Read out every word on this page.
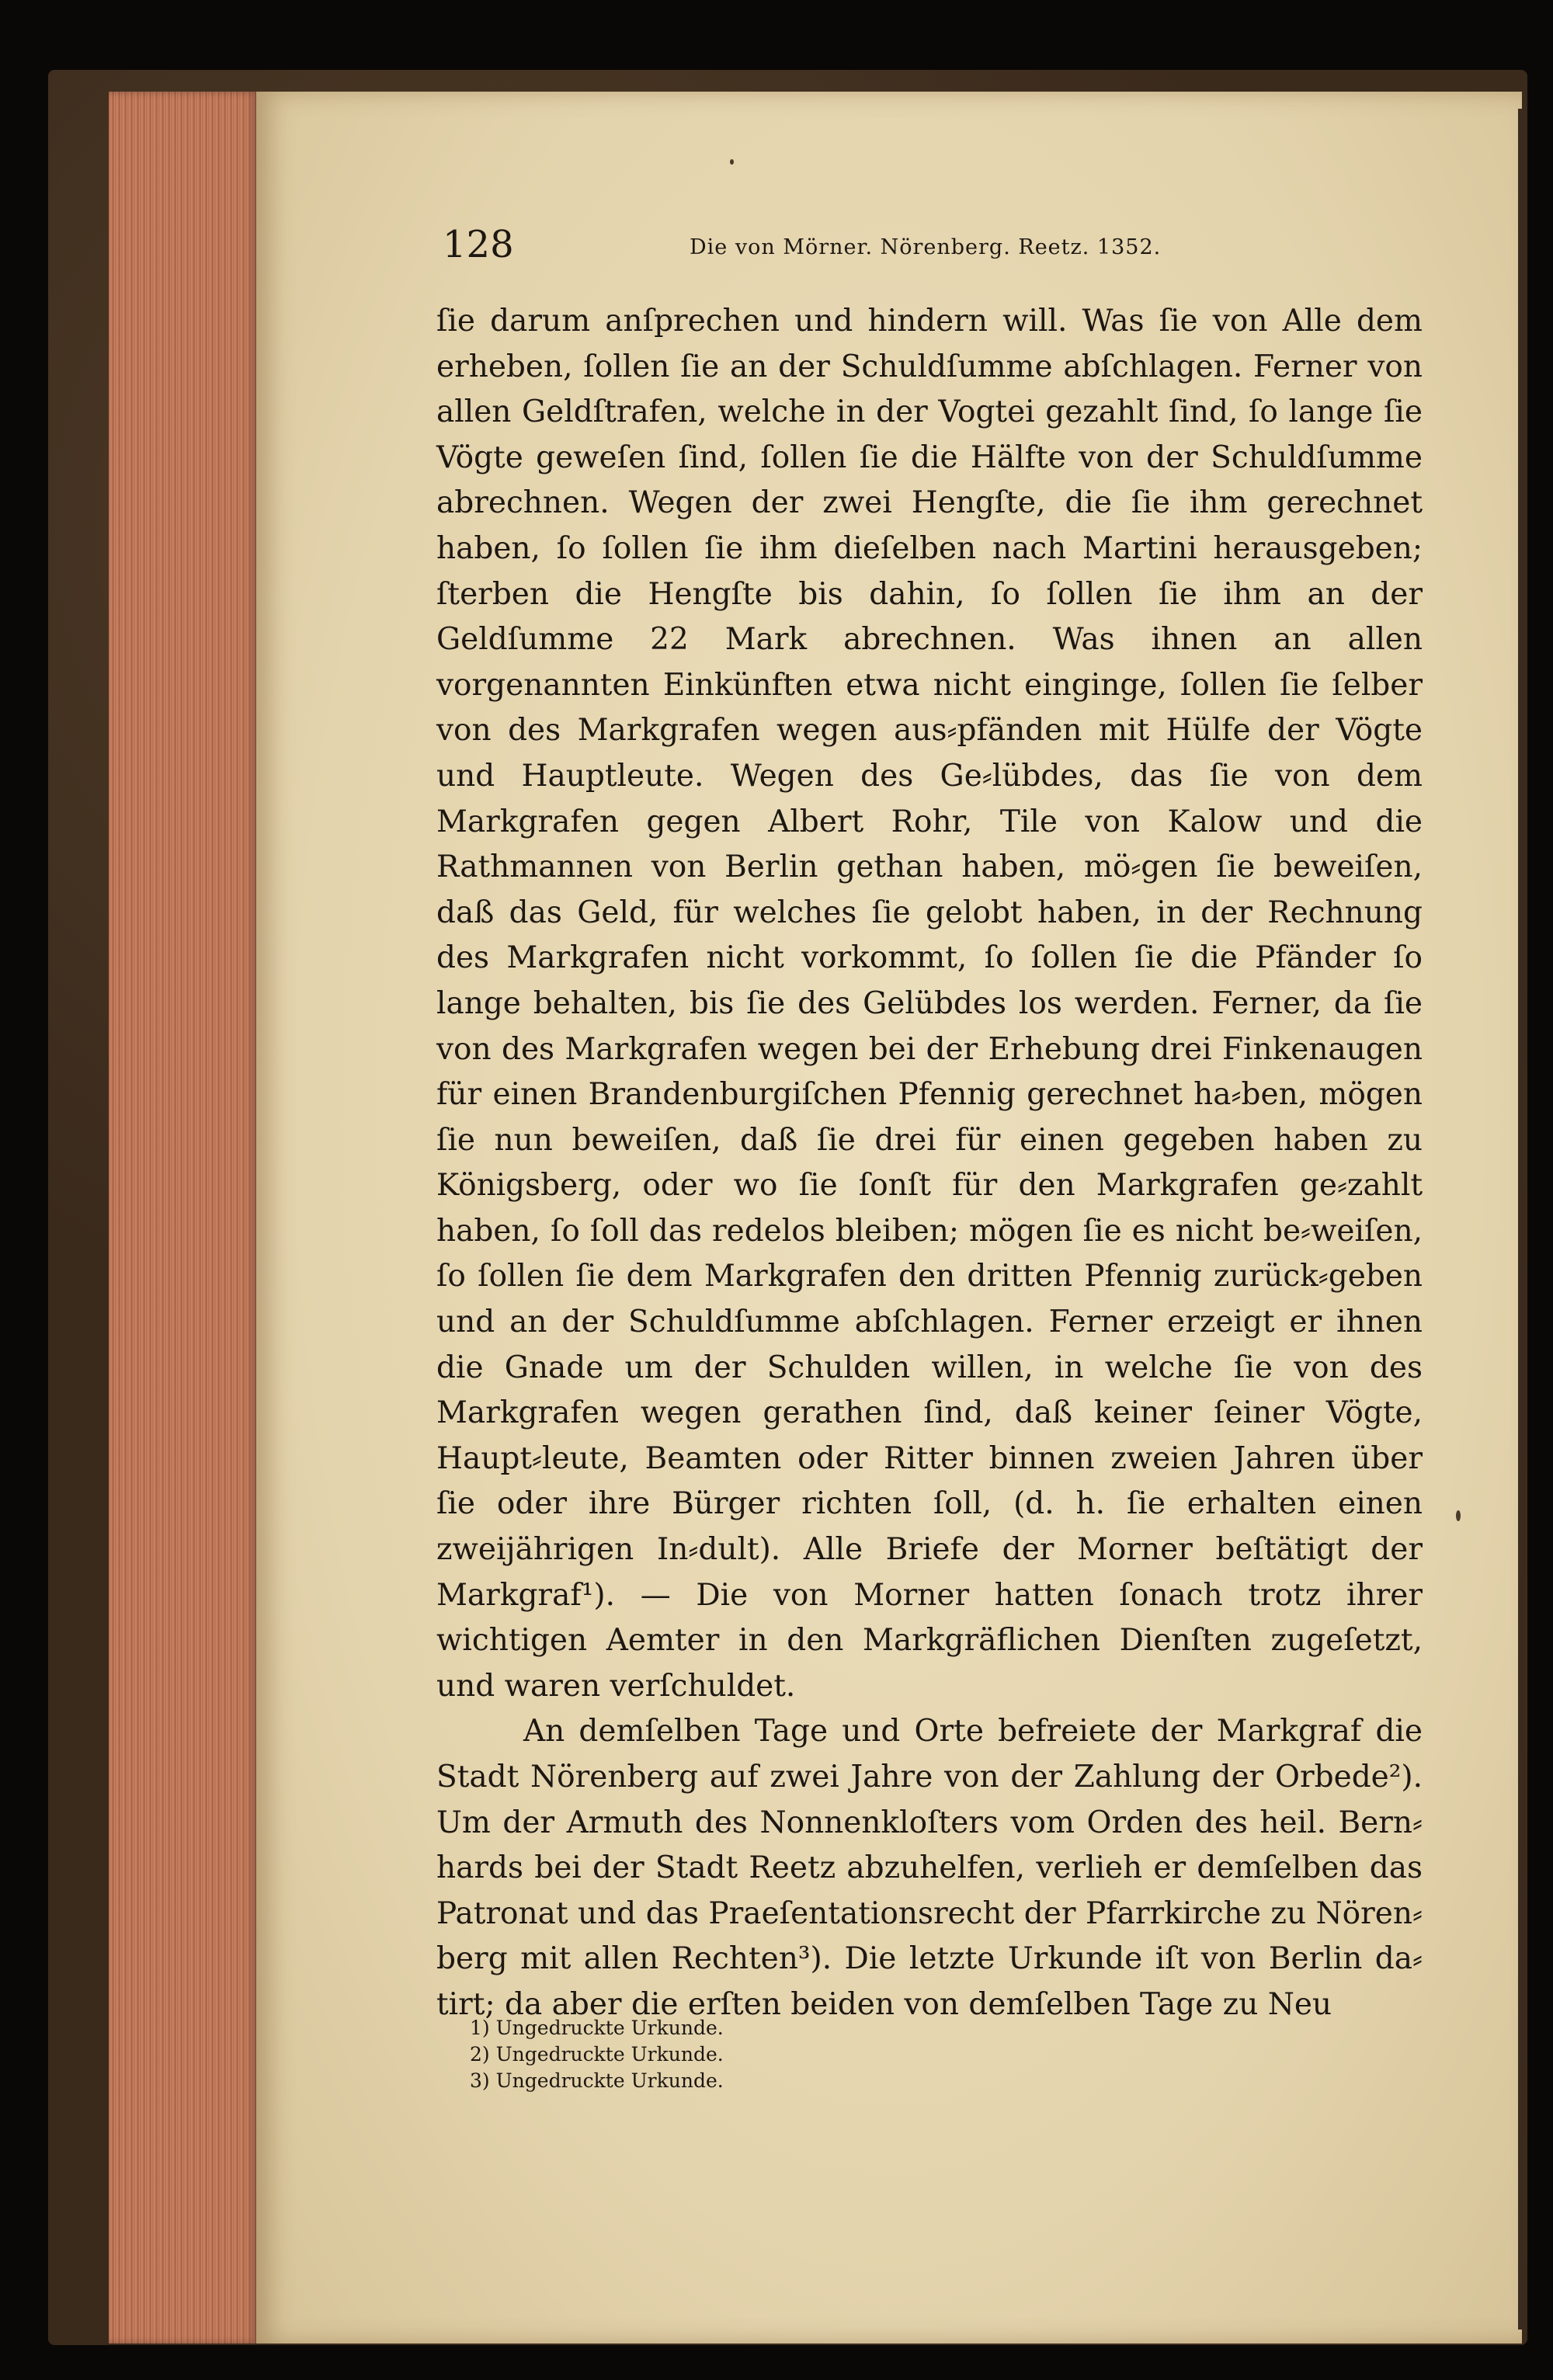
128	Die von Mörner. Nörenberg. Reetz. 1352.

ſie darum anſprechen und hindern will. Was ſie von Alle dem erheben, ſollen ſie an der Schuldſumme abſchlagen. Ferner von allen Geldſtrafen, welche in der Vogtei gezahlt ſind, ſo lange ſie Vögte geweſen ſind, ſollen ſie die Hälfte von der Schuldſumme abrechnen. Wegen der zwei Hengſte, die ſie ihm gerechnet haben, ſo ſollen ſie ihm dieſelben nach Martini herausgeben; ſterben die Hengſte bis dahin, ſo ſollen ſie ihm an der Geldſumme 22 Mark abrechnen. Was ihnen an allen vorgenannten Einkünften etwa nicht einginge, ſollen ſie ſelber von des Markgrafen wegen aus⸗pfänden mit Hülfe der Vögte und Hauptleute. Wegen des Ge⸗lübdes, das ſie von dem Markgrafen gegen Albert Rohr, Tile von Kalow und die Rathmannen von Berlin gethan haben, mö⸗gen ſie beweiſen, daß das Geld, für welches ſie gelobt haben, in der Rechnung des Markgrafen nicht vorkommt, ſo ſollen ſie die Pfänder ſo lange behalten, bis ſie des Gelübdes los werden. Ferner, da ſie von des Markgrafen wegen bei der Erhebung drei Finkenaugen für einen Brandenburgiſchen Pfennig gerechnet ha⸗ben, mögen ſie nun beweiſen, daß ſie drei für einen gegeben haben zu Königsberg, oder wo ſie ſonſt für den Markgrafen ge⸗zahlt haben, ſo ſoll das redelos bleiben; mögen ſie es nicht be⸗weiſen, ſo ſollen ſie dem Markgrafen den dritten Pfennig zurück⸗geben und an der Schuldſumme abſchlagen. Ferner erzeigt er ihnen die Gnade um der Schulden willen, in welche ſie von des Markgrafen wegen gerathen ſind, daß keiner ſeiner Vögte, Haupt⸗leute, Beamten oder Ritter binnen zweien Jahren über ſie oder ihre Bürger richten ſoll, (d. h. ſie erhalten einen zweijährigen In⸗dult). Alle Briefe der Morner beſtätigt der Markgraf¹). — Die von Morner hatten ſonach trotz ihrer wichtigen Aemter in den Markgräflichen Dienſten zugeſetzt, und waren verſchuldet.

An demſelben Tage und Orte befreiete der Markgraf die Stadt Nörenberg auf zwei Jahre von der Zahlung der Orbede²). Um der Armuth des Nonnenkloſters vom Orden des heil. Bern⸗hards bei der Stadt Reetz abzuhelfen, verlieh er demſelben das Patronat und das Praeſentationsrecht der Pfarrkirche zu Nören⸗berg mit allen Rechten³). Die letzte Urkunde iſt von Berlin da⸗tirt; da aber die erſten beiden von demſelben Tage zu Neu

1) Ungedruckte Urkunde.
2) Ungedruckte Urkunde.
3) Ungedruckte Urkunde.
